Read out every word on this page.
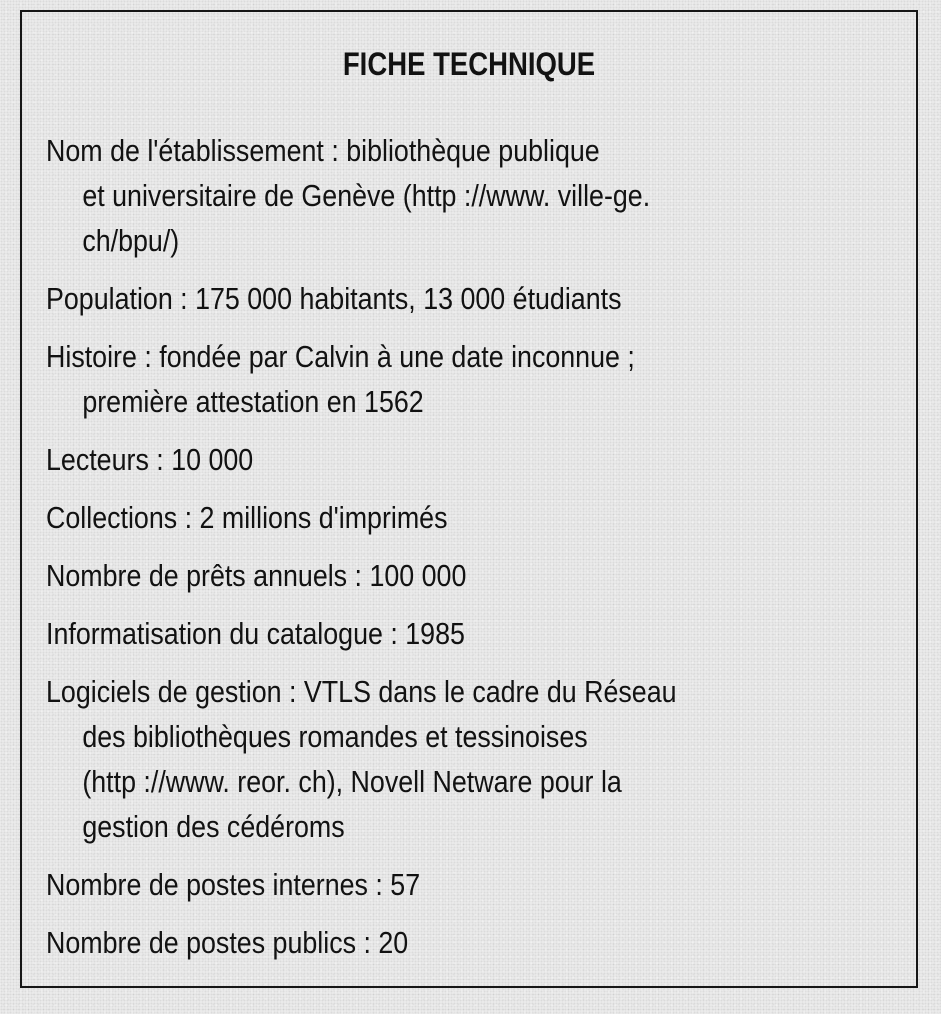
FICHE TECHNIQUE
Nom de l'établissement : bibliothèque publique
et universitaire de Genève (http ://www. ville-ge.
ch/bpu/)
Population : 175 000 habitants, 13 000 étudiants
Histoire : fondée par Calvin à une date inconnue ;
première attestation en 1562
Lecteurs : 10 000
Collections : 2 millions d'imprimés
Nombre de prêts annuels : 100 000
Informatisation du catalogue : 1985
Logiciels de gestion : VTLS dans le cadre du Réseau
des bibliothèques romandes et tessinoises
(http ://www. reor. ch), Novell Netware pour la
gestion des cédéroms
Nombre de postes internes : 57
Nombre de postes publics : 20
